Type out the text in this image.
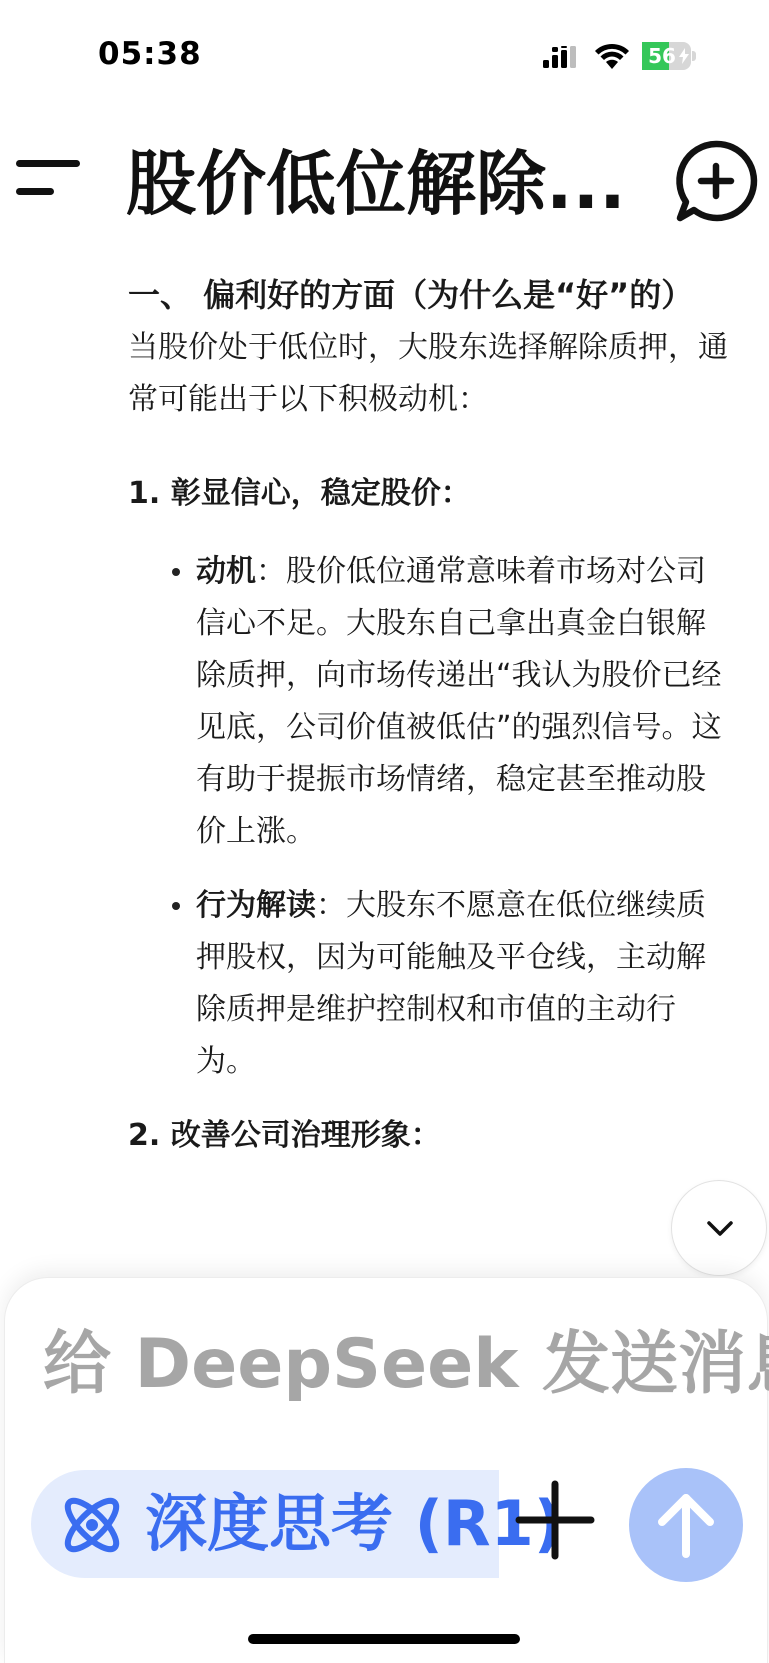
05:38	56
股价低位解除...

一、 偏利好的方面（为什么是“好”的）

当股价处于低位时，大股东选择解除质押，通常可能出于以下积极动机：

1. 彰显信心，稳定股价：

动机：股价低位通常意味着市场对公司信心不足。大股东自己拿出真金白银解除质押，向市场传递出“我认为股价已经见底，公司价值被低估”的强烈信号。这有助于提振市场情绪，稳定甚至推动股价上涨。

行为解读：大股东不愿意在低位继续质押股权，因为可能触及平仓线，主动解除质押是维护控制权和市值的主动行为。

2. 改善公司治理形象：

给 DeepSeek 发送消息
深度思考 (R1)
